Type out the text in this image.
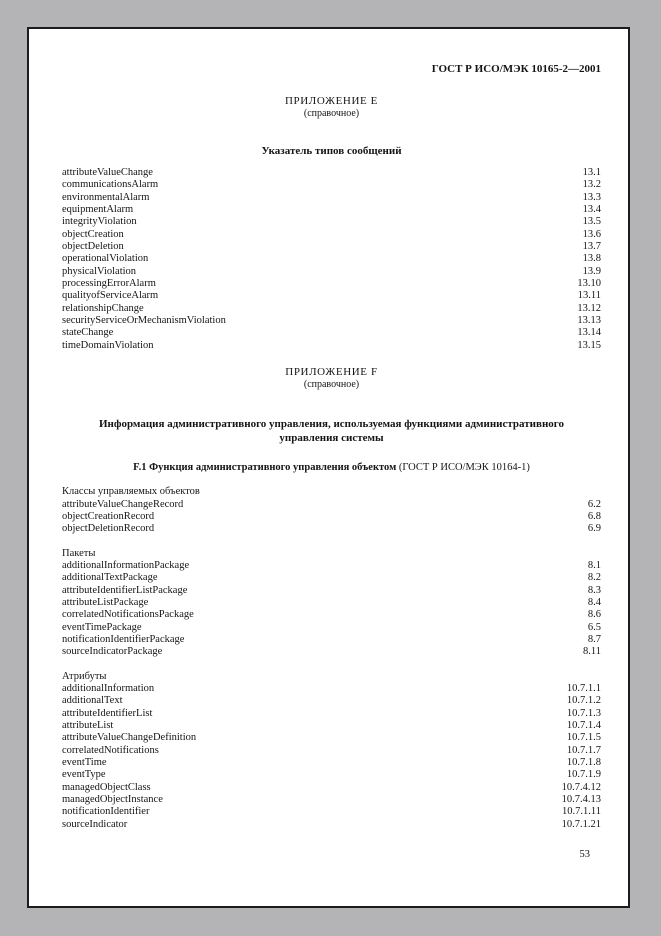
ГОСТ Р ИСО/МЭК 10165-2—2001
ПРИЛОЖЕНИЕ Е
(справочное)
Указатель типов сообщений
attributeValueChange	13.1
communicationsAlarm	13.2
environmentalAlarm	13.3
equipmentAlarm	13.4
integrityViolation	13.5
objectCreation	13.6
objectDeletion	13.7
operationalViolation	13.8
physicalViolation	13.9
processingErrorAlarm	13.10
qualityofServiceAlarm	13.11
relationshipChange	13.12
securityServiceOrMechanismViolation	13.13
stateChange	13.14
timeDomainViolation	13.15
ПРИЛОЖЕНИЕ F
(справочное)
Информация административного управления, используемая функциями административного управления системы
F.1 Функция административного управления объектом (ГОСТ Р ИСО/МЭК 10164-1)
Классы управляемых объектов
attributeValueChangeRecord	6.2
objectCreationRecord	6.8
objectDeletionRecord	6.9
Пакеты
additionalInformationPackage	8.1
additionalTextPackage	8.2
attributeIdentifierListPackage	8.3
attributeListPackage	8.4
correlatedNotificationsPackage	8.6
eventTimePackage	6.5
notificationIdentifierPackage	8.7
sourceIndicatorPackage	8.11
Атрибуты
additionalInformation	10.7.1.1
additionalText	10.7.1.2
attributeIdentifierList	10.7.1.3
attributeList	10.7.1.4
attributeValueChangeDefinition	10.7.1.5
correlatedNotifications	10.7.1.7
eventTime	10.7.1.8
eventType	10.7.1.9
managedObjectClass	10.7.4.12
managedObjectInstance	10.7.4.13
notificationIdentifier	10.7.1.11
sourceIndicator	10.7.1.21
53
